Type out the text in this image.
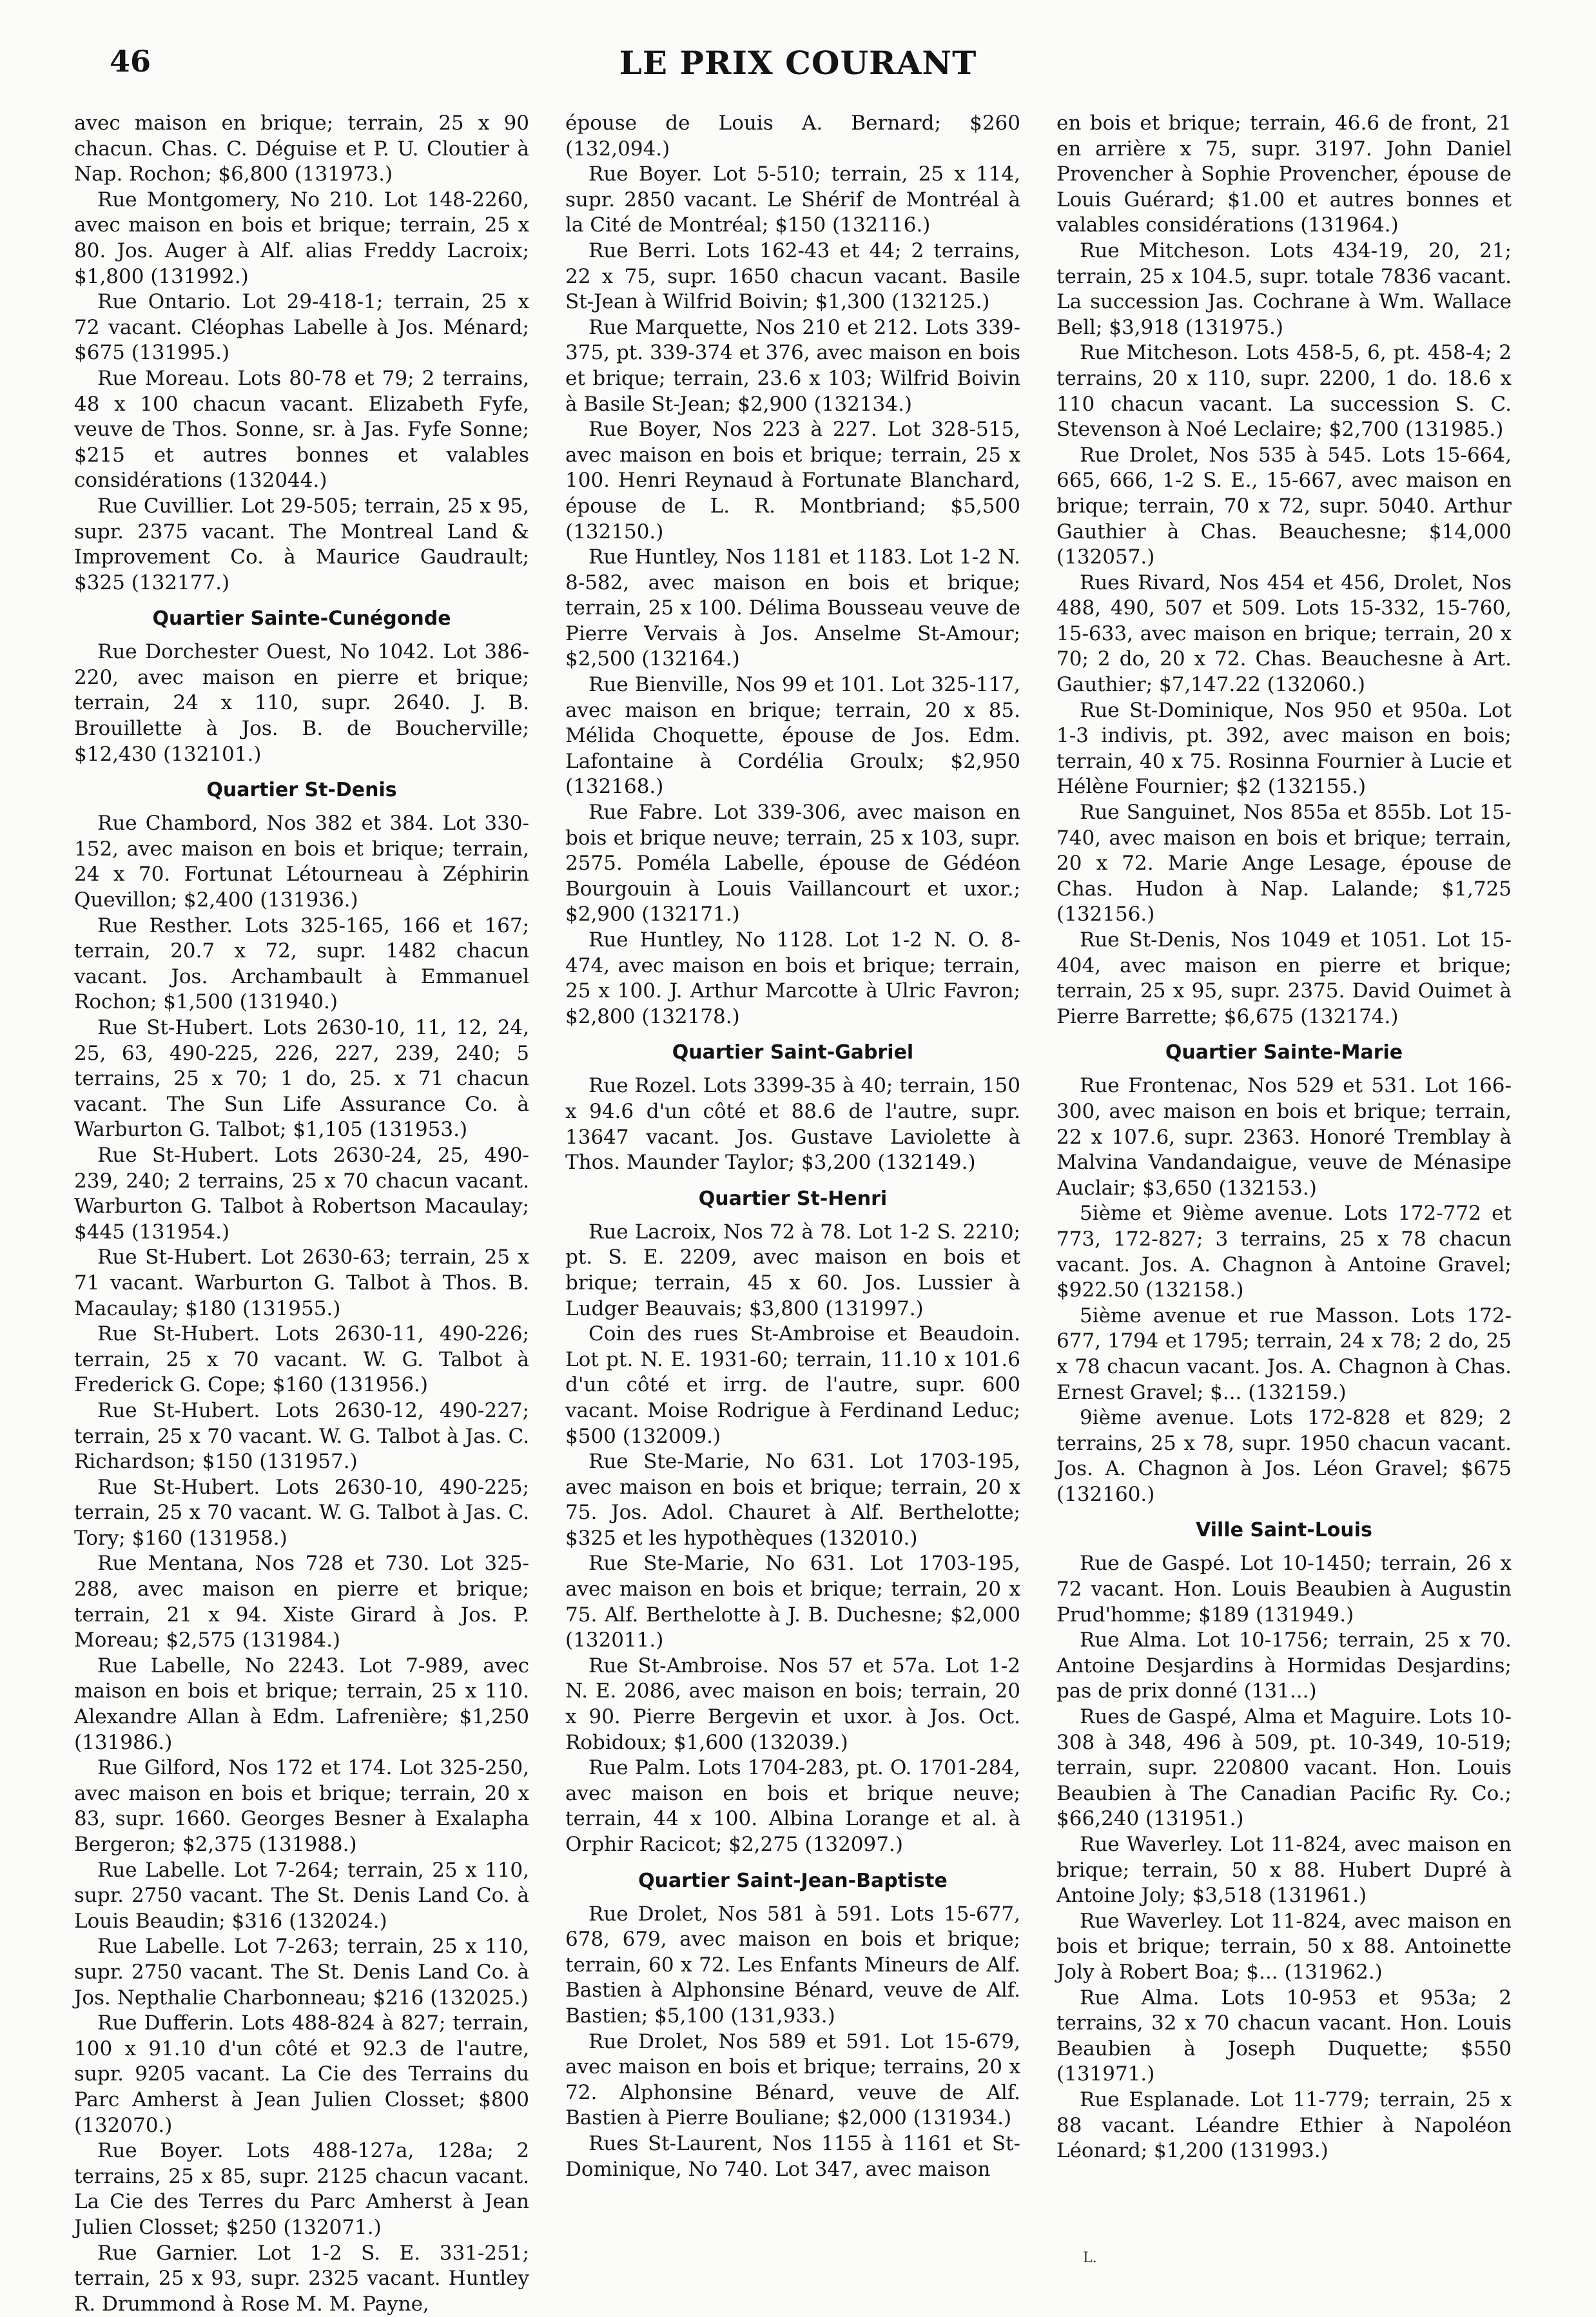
46	LE PRIX COURANT

avec maison en brique; terrain, 25 x 90 chacun. Chas. C. Déguise et P. U. Cloutier à Nap. Rochon; $6,800 (131973.)

Rue Montgomery, No 210. Lot 148-2260, avec maison en bois et brique; terrain, 25 x 80. Jos. Auger à Alf. alias Freddy Lacroix; $1,800 (131992.)

Rue Ontario. Lot 29-418-1; terrain, 25 x 72 vacant. Cléophas Labelle à Jos. Ménard; $675 (131995.)

Rue Moreau. Lots 80-78 et 79; 2 terrains, 48 x 100 chacun vacant. Elizabeth Fyfe, veuve de Thos. Sonne, sr. à Jas. Fyfe Sonne; $215 et autres bonnes et valables considérations (132044.)

Rue Cuvillier. Lot 29-505; terrain, 25 x 95, supr. 2375 vacant. The Montreal Land & Improvement Co. à Maurice Gaudrault; $325 (132177.)

Quartier Sainte-Cunégonde

Rue Dorchester Ouest, No 1042. Lot 386-220, avec maison en pierre et brique; terrain, 24 x 110, supr. 2640. J. B. Brouillette à Jos. B. de Boucherville; $12,430 (132101.)

Quartier St-Denis

Rue Chambord, Nos 382 et 384. Lot 330-152, avec maison en bois et brique; terrain, 24 x 70. Fortunat Létourneau à Zéphirin Quevillon; $2,400 (131936.)

Rue Resther. Lots 325-165, 166 et 167; terrain, 20.7 x 72, supr. 1482 chacun vacant. Jos. Archambault à Emmanuel Rochon; $1,500 (131940.)

Rue St-Hubert. Lots 2630-10, 11, 12, 24, 25, 63, 490-225, 226, 227, 239, 240; 5 terrains, 25 x 70; 1 do, 25. x 71 chacun vacant. The Sun Life Assurance Co. à Warburton G. Talbot; $1,105 (131953.)

Rue St-Hubert. Lots 2630-24, 25, 490-239, 240; 2 terrains, 25 x 70 chacun vacant. Warburton G. Talbot à Robertson Macaulay; $445 (131954.)

Rue St-Hubert. Lot 2630-63; terrain, 25 x 71 vacant. Warburton G. Talbot à Thos. B. Macaulay; $180 (131955.)

Rue St-Hubert. Lots 2630-11, 490-226; terrain, 25 x 70 vacant. W. G. Talbot à Frederick G. Cope; $160 (131956.)

Rue St-Hubert. Lots 2630-12, 490-227; terrain, 25 x 70 vacant. W. G. Talbot à Jas. C. Richardson; $150 (131957.)

Rue St-Hubert. Lots 2630-10, 490-225; terrain, 25 x 70 vacant. W. G. Talbot à Jas. C. Tory; $160 (131958.)

Rue Mentana, Nos 728 et 730. Lot 325-288, avec maison en pierre et brique; terrain, 21 x 94. Xiste Girard à Jos. P. Moreau; $2,575 (131984.)

Rue Labelle, No 2243. Lot 7-989, avec maison en bois et brique; terrain, 25 x 110. Alexandre Allan à Edm. Lafrenière; $1,250 (131986.)

Rue Gilford, Nos 172 et 174. Lot 325-250, avec maison en bois et brique; terrain, 20 x 83, supr. 1660. Georges Besner à Exalapha Bergeron; $2,375 (131988.)

Rue Labelle. Lot 7-264; terrain, 25 x 110, supr. 2750 vacant. The St. Denis Land Co. à Louis Beaudin; $316 (132024.)

Rue Labelle. Lot 7-263; terrain, 25 x 110, supr. 2750 vacant. The St. Denis Land Co. à Jos. Nepthalie Charbonneau; $216 (132025.)

Rue Dufferin. Lots 488-824 à 827; terrain, 100 x 91.10 d'un côté et 92.3 de l'autre, supr. 9205 vacant. La Cie des Terrains du Parc Amherst à Jean Julien Closset; $800 (132070.)

Rue Boyer. Lots 488-127a, 128a; 2 terrains, 25 x 85, supr. 2125 chacun vacant. La Cie des Terres du Parc Amherst à Jean Julien Closset; $250 (132071.)

Rue Garnier. Lot 1-2 S. E. 331-251; terrain, 25 x 93, supr. 2325 vacant. Huntley R. Drummond à Rose M. M. Payne,

épouse de Louis A. Bernard; $260 (132,094.)

Rue Boyer. Lot 5-510; terrain, 25 x 114, supr. 2850 vacant. Le Shérif de Montréal à la Cité de Montréal; $150 (132116.)

Rue Berri. Lots 162-43 et 44; 2 terrains, 22 x 75, supr. 1650 chacun vacant. Basile St-Jean à Wilfrid Boivin; $1,300 (132125.)

Rue Marquette, Nos 210 et 212. Lots 339-375, pt. 339-374 et 376, avec maison en bois et brique; terrain, 23.6 x 103; Wilfrid Boivin à Basile St-Jean; $2,900 (132134.)

Rue Boyer, Nos 223 à 227. Lot 328-515, avec maison en bois et brique; terrain, 25 x 100. Henri Reynaud à Fortunate Blanchard, épouse de L. R. Montbriand; $5,500 (132150.)

Rue Huntley, Nos 1181 et 1183. Lot 1-2 N. 8-582, avec maison en bois et brique; terrain, 25 x 100. Délima Bousseau veuve de Pierre Vervais à Jos. Anselme St-Amour; $2,500 (132164.)

Rue Bienville, Nos 99 et 101. Lot 325-117, avec maison en brique; terrain, 20 x 85. Mélida Choquette, épouse de Jos. Edm. Lafontaine à Cordélia Groulx; $2,950 (132168.)

Rue Fabre. Lot 339-306, avec maison en bois et brique neuve; terrain, 25 x 103, supr. 2575. Poméla Labelle, épouse de Gédéon Bourgouin à Louis Vaillancourt et uxor.; $2,900 (132171.)

Rue Huntley, No 1128. Lot 1-2 N. O. 8-474, avec maison en bois et brique; terrain, 25 x 100. J. Arthur Marcotte à Ulric Favron; $2,800 (132178.)

Quartier Saint-Gabriel

Rue Rozel. Lots 3399-35 à 40; terrain, 150 x 94.6 d'un côté et 88.6 de l'autre, supr. 13647 vacant. Jos. Gustave Laviolette à Thos. Maunder Taylor; $3,200 (132149.)

Quartier St-Henri

Rue Lacroix, Nos 72 à 78. Lot 1-2 S. 2210; pt. S. E. 2209, avec maison en bois et brique; terrain, 45 x 60. Jos. Lussier à Ludger Beauvais; $3,800 (131997.)

Coin des rues St-Ambroise et Beaudoin. Lot pt. N. E. 1931-60; terrain, 11.10 x 101.6 d'un côté et irrg. de l'autre, supr. 600 vacant. Moise Rodrigue à Ferdinand Leduc; $500 (132009.)

Rue Ste-Marie, No 631. Lot 1703-195, avec maison en bois et brique; terrain, 20 x 75. Jos. Adol. Chauret à Alf. Berthelotte; $325 et les hypothèques (132010.)

Rue Ste-Marie, No 631. Lot 1703-195, avec maison en bois et brique; terrain, 20 x 75. Alf. Berthelotte à J. B. Duchesne; $2,000 (132011.)

Rue St-Ambroise. Nos 57 et 57a. Lot 1-2 N. E. 2086, avec maison en bois; terrain, 20 x 90. Pierre Bergevin et uxor. à Jos. Oct. Robidoux; $1,600 (132039.)

Rue Palm. Lots 1704-283, pt. O. 1701-284, avec maison en bois et brique neuve; terrain, 44 x 100. Albina Lorange et al. à Orphir Racicot; $2,275 (132097.)

Quartier Saint-Jean-Baptiste

Rue Drolet, Nos 581 à 591. Lots 15-677, 678, 679, avec maison en bois et brique; terrain, 60 x 72. Les Enfants Mineurs de Alf. Bastien à Alphonsine Bénard, veuve de Alf. Bastien; $5,100 (131,933.)

Rue Drolet, Nos 589 et 591. Lot 15-679, avec maison en bois et brique; terrains, 20 x 72. Alphonsine Bénard, veuve de Alf. Bastien à Pierre Bouliane; $2,000 (131934.)

Rues St-Laurent, Nos 1155 à 1161 et St-Dominique, No 740. Lot 347, avec maison

en bois et brique; terrain, 46.6 de front, 21 en arrière x 75, supr. 3197. John Daniel Provencher à Sophie Provencher, épouse de Louis Guérard; $1.00 et autres bonnes et valables considérations (131964.)

Rue Mitcheson. Lots 434-19, 20, 21; terrain, 25 x 104.5, supr. totale 7836 vacant. La succession Jas. Cochrane à Wm. Wallace Bell; $3,918 (131975.)

Rue Mitcheson. Lots 458-5, 6, pt. 458-4; 2 terrains, 20 x 110, supr. 2200, 1 do. 18.6 x 110 chacun vacant. La succession S. C. Stevenson à Noé Leclaire; $2,700 (131985.)

Rue Drolet, Nos 535 à 545. Lots 15-664, 665, 666, 1-2 S. E., 15-667, avec maison en brique; terrain, 70 x 72, supr. 5040. Arthur Gauthier à Chas. Beauchesne; $14,000 (132057.)

Rues Rivard, Nos 454 et 456, Drolet, Nos 488, 490, 507 et 509. Lots 15-332, 15-760, 15-633, avec maison en brique; terrain, 20 x 70; 2 do, 20 x 72. Chas. Beauchesne à Art. Gauthier; $7,147.22 (132060.)

Rue St-Dominique, Nos 950 et 950a. Lot 1-3 indivis, pt. 392, avec maison en bois; terrain, 40 x 75. Rosinna Fournier à Lucie et Hélène Fournier; $2 (132155.)

Rue Sanguinet, Nos 855a et 855b. Lot 15-740, avec maison en bois et brique; terrain, 20 x 72. Marie Ange Lesage, épouse de Chas. Hudon à Nap. Lalande; $1,725 (132156.)

Rue St-Denis, Nos 1049 et 1051. Lot 15-404, avec maison en pierre et brique; terrain, 25 x 95, supr. 2375. David Ouimet à Pierre Barrette; $6,675 (132174.)

Quartier Sainte-Marie

Rue Frontenac, Nos 529 et 531. Lot 166-300, avec maison en bois et brique; terrain, 22 x 107.6, supr. 2363. Honoré Tremblay à Malvina Vandandaigue, veuve de Ménasipe Auclair; $3,650 (132153.)

5ième et 9ième avenue. Lots 172-772 et 773, 172-827; 3 terrains, 25 x 78 chacun vacant. Jos. A. Chagnon à Antoine Gravel; $922.50 (132158.)

5ième avenue et rue Masson. Lots 172-677, 1794 et 1795; terrain, 24 x 78; 2 do, 25 x 78 chacun vacant. Jos. A. Chagnon à Chas. Ernest Gravel; $... (132159.)

9ième avenue. Lots 172-828 et 829; 2 terrains, 25 x 78, supr. 1950 chacun vacant. Jos. A. Chagnon à Jos. Léon Gravel; $675 (132160.)

Ville Saint-Louis

Rue de Gaspé. Lot 10-1450; terrain, 26 x 72 vacant. Hon. Louis Beaubien à Augustin Prud'homme; $189 (131949.)

Rue Alma. Lot 10-1756; terrain, 25 x 70. Antoine Desjardins à Hormidas Desjardins; pas de prix donné (131...)

Rues de Gaspé, Alma et Maguire. Lots 10-308 à 348, 496 à 509, pt. 10-349, 10-519; terrain, supr. 220800 vacant. Hon. Louis Beaubien à The Canadian Pacific Ry. Co.; $66,240 (131951.)

Rue Waverley. Lot 11-824, avec maison en brique; terrain, 50 x 88. Hubert Dupré à Antoine Joly; $3,518 (131961.)

Rue Waverley. Lot 11-824, avec maison en bois et brique; terrain, 50 x 88. Antoinette Joly à Robert Boa; $... (131962.)

Rue Alma. Lots 10-953 et 953a; 2 terrains, 32 x 70 chacun vacant. Hon. Louis Beaubien à Joseph Duquette; $550 (131971.)

Rue Esplanade. Lot 11-779; terrain, 25 x 88 vacant. Léandre Ethier à Napoléon Léonard; $1,200 (131993.)

L.
